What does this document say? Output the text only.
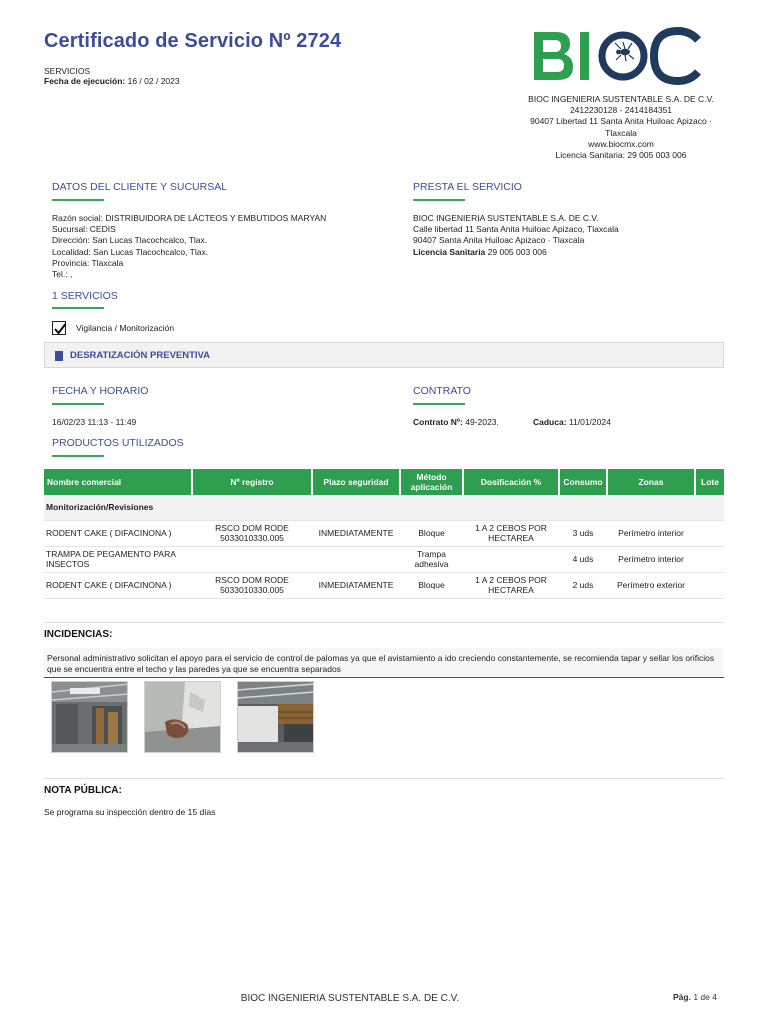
Certificado de Servicio Nº 2724
SERVICIOS
Fecha de ejecución: 16 / 02 / 2023
BIOC INGENIERIA SUSTENTABLE S.A. DE C.V.
2412230128 - 2414184351
90407 Libertad 11 Santa Anita Huiloac Apizaco ·
Tlaxcala
www.biocmx.com
Licencia Sanitaria: 29 005 003 006
DATOS DEL CLIENTE Y SUCURSAL
Razón social: DISTRIBUIDORA DE LÁCTEOS Y EMBUTIDOS MARYAN
Sucursal: CEDIS
Dirección: San Lucas Tlacochcalco, Tlax.
Localidad: San Lucas Tlacochcalco, Tlax.
Provincia: Tlaxcala
Tel.: ,
PRESTA EL SERVICIO
BIOC INGENIERIA SUSTENTABLE S.A. DE C.V.
Calle libertad 11 Santa Anita Huiloac Apizaco, Tlaxcala
90407 Santa Anita Huiloac Apizaco · Tlaxcala
Licencia Sanitaria 29 005 003 006
1 SERVICIOS
Vigilancia / Monitorización
DESRATIZACIÓN PREVENTIVA
FECHA Y HORARIO
16/02/23 11:13 - 11:49
CONTRATO
Contrato Nº: 49-2023.	Caduca: 11/01/2024
PRODUCTOS UTILIZADOS
Nombre comercial	Nº registro	Plazo seguridad	Método aplicación	Dosificación %	Consumo	Zonas	Lote
Monitorización/Revisiones							
RODENT CAKE ( DIFACINONA )	RSCO DOM RODE 5033010330.005	INMEDIATAMENTE	Bloque	1 A 2 CEBOS POR HECTAREA	3 uds	Perímetro interior	
TRAMPA DE PEGAMENTO PARA INSECTOS			Trampa adhesiva		4 uds	Perímetro interior	
RODENT CAKE ( DIFACINONA )	RSCO DOM RODE 5033010330.005	INMEDIATAMENTE	Bloque	1 A 2 CEBOS POR HECTAREA	2 uds	Perímetro exterior	
INCIDENCIAS:
Personal administrativo solicitan el apoyo para el servicio de control de palomas ya que el avistamiento a ido creciendo constantemente, se recomienda tapar y sellar los orificios que se encuentra entre el techo y las paredes ya que se encuentra separados
NOTA PÚBLICA:
Se programa su inspección dentro de 15 días
BIOC INGENIERIA SUSTENTABLE S.A. DE C.V.	Pág. 1 de 4
